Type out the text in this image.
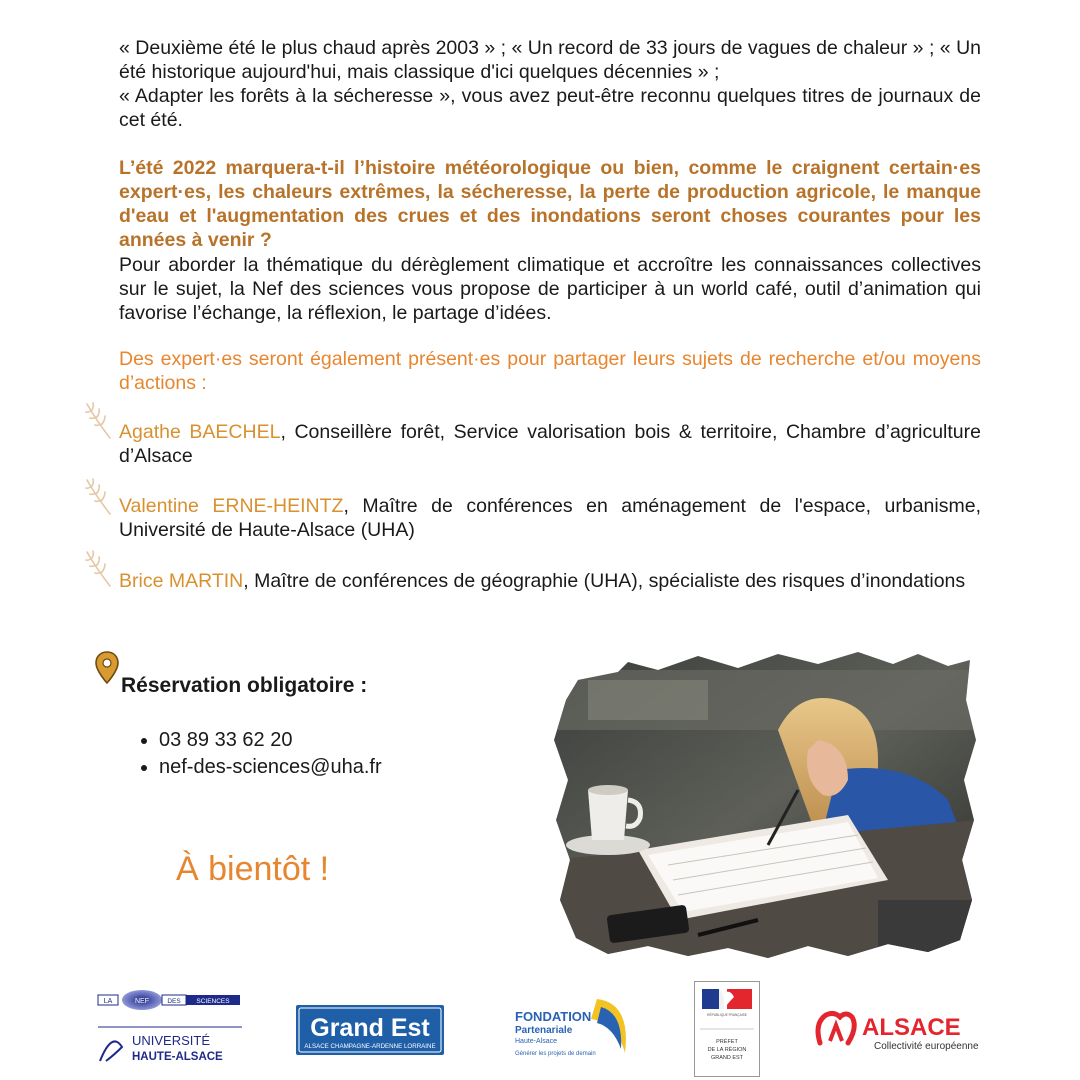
« Deuxième été le plus chaud après 2003 » ; « Un record de 33 jours de vagues de chaleur » ; « Un été historique aujourd'hui, mais classique d'ici quelques décennies » ;

« Adapter les forêts à la sécheresse », vous avez peut-être reconnu quelques titres de journaux de cet été.

L’été 2022 marquera-t-il l’histoire météorologique ou bien, comme le craignent certain·es expert·es, les chaleurs extrêmes, la sécheresse, la perte de production agricole, le manque d'eau et l'augmentation des crues et des inondations seront choses courantes pour les années à venir ?
Pour aborder la thématique du dérèglement climatique et accroître les connaissances collectives sur le sujet, la Nef des sciences vous propose de participer à un world café, outil d’animation qui favorise l’échange, la réflexion, le partage d’idées.
Des expert·es seront également présent·es pour partager leurs sujets de recherche et/ou moyens d’actions :
Agathe BAECHEL, Conseillère forêt, Service valorisation bois & territoire, Chambre d’agriculture d’Alsace
Valentine ERNE-HEINTZ, Maître de conférences en aménagement de l'espace, urbanisme, Université de Haute-Alsace (UHA)
Brice MARTIN, Maître de conférences de géographie (UHA), spécialiste des risques d’inondations
Réservation obligatoire :
• 03 89 33 62 20
• nef-des-sciences@uha.fr
À bientôt !
LA	NEF	DES SCIENCES
UNIVERSITÉ
HAUTE-ALSACE
Grand Est
ALSACE CHAMPAGNE-ARDENNE LORRAINE
FONDATION
Partenariale
Haute-Alsace
Générer les projets de demain
RÉPUBLIQUE FRANÇAISE
PRÉFET
DE LA RÉGION
GRAND EST
ALSACE
Collectivité européenne
